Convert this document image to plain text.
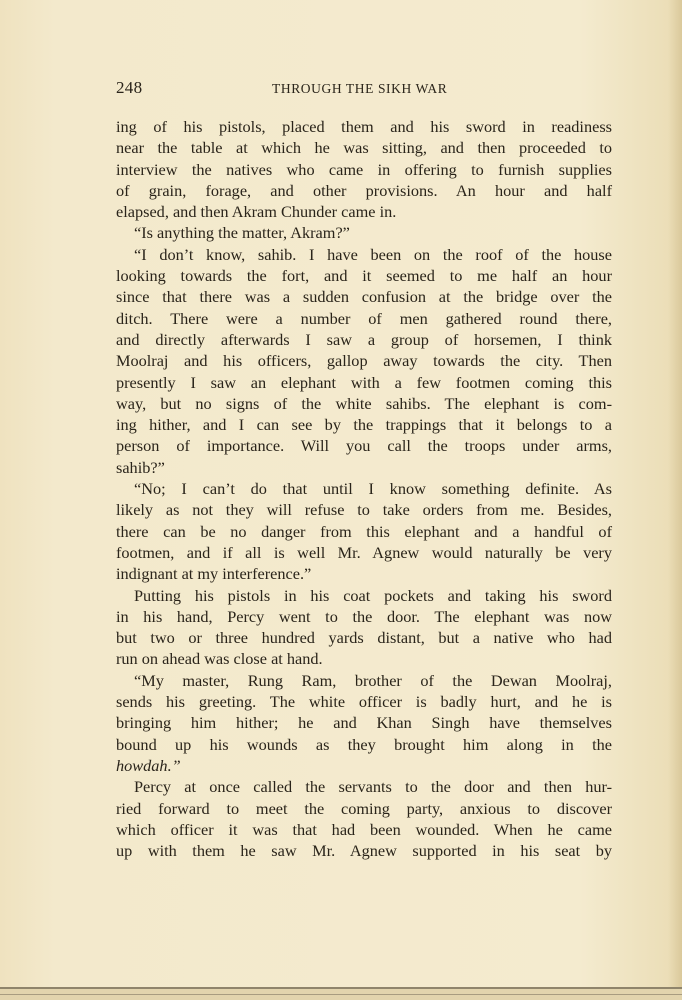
248	THROUGH THE SIKH WAR
ing of his pistols, placed them and his sword in readiness
near the table at which he was sitting, and then proceeded to
interview the natives who came in offering to furnish supplies
of grain, forage, and other provisions. An hour and half
elapsed, and then Akram Chunder came in.
“Is anything the matter, Akram?”
“I don’t know, sahib. I have been on the roof of the house
looking towards the fort, and it seemed to me half an hour
since that there was a sudden confusion at the bridge over the
ditch. There were a number of men gathered round there,
and directly afterwards I saw a group of horsemen, I think
Moolraj and his officers, gallop away towards the city. Then
presently I saw an elephant with a few footmen coming this
way, but no signs of the white sahibs. The elephant is com-
ing hither, and I can see by the trappings that it belongs to a
person of importance. Will you call the troops under arms,
sahib?”
“No; I can’t do that until I know something definite. As
likely as not they will refuse to take orders from me. Besides,
there can be no danger from this elephant and a handful of
footmen, and if all is well Mr. Agnew would naturally be very
indignant at my interference.”
Putting his pistols in his coat pockets and taking his sword
in his hand, Percy went to the door. The elephant was now
but two or three hundred yards distant, but a native who had
run on ahead was close at hand.
“My master, Rung Ram, brother of the Dewan Moolraj,
sends his greeting. The white officer is badly hurt, and he is
bringing him hither; he and Khan Singh have themselves
bound up his wounds as they brought him along in the
howdah.”
Percy at once called the servants to the door and then hur-
ried forward to meet the coming party, anxious to discover
which officer it was that had been wounded. When he came
up with them he saw Mr. Agnew supported in his seat by
